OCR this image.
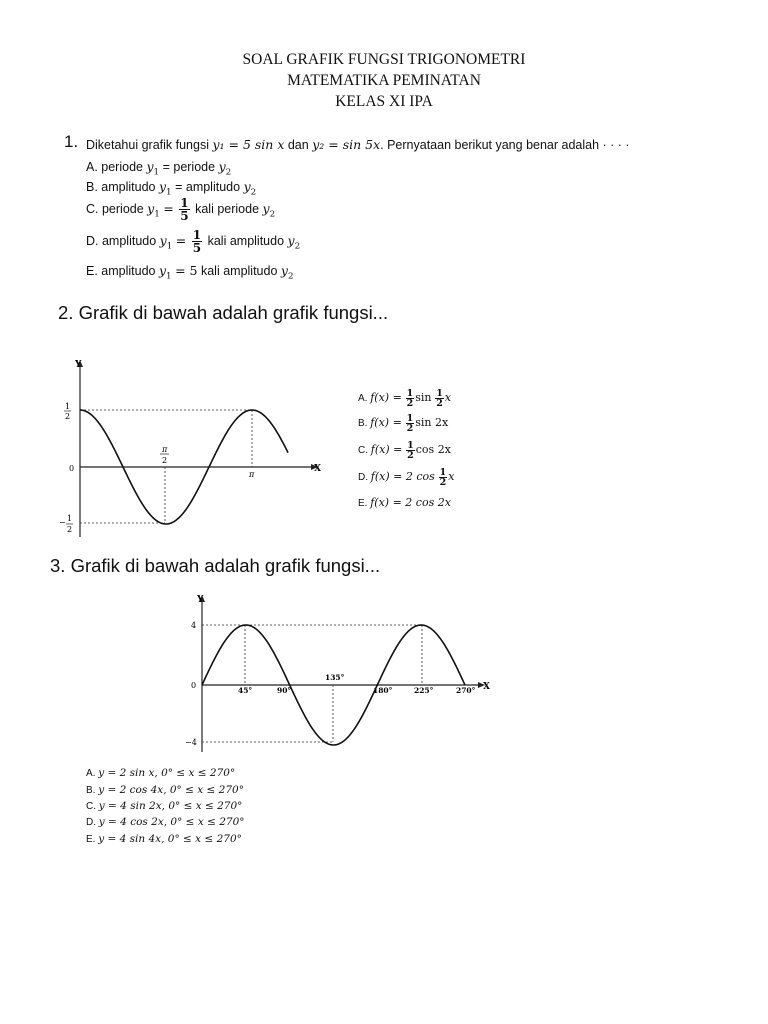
SOAL GRAFIK FUNGSI TRIGONOMETRI
MATEMATIKA PEMINATAN
KELAS XI IPA
1. Diketahui grafik fungsi y₁ = 5 sin x dan y₂ = sin 5x. Pernyataan berikut yang benar adalah · · · ·
A. periode $y_1$ = periode $y_2$
B. amplitudo $y_1$ = amplitudo $y_2$
C. periode $y_1 = \frac{1}{5}$ kali periode $y_2$
D. amplitudo $y_1 = \frac{1}{5}$ kali amplitudo $y_2$
E. amplitudo $y_1 = 5$ kali amplitudo $y_2$
2. Grafik di bawah adalah grafik fungsi...
Y
X
1
2
0
− 1
2
π
2
π
A. $f(x) = \frac{1}{2}$ $\sin \frac{1}{2}$ x
B. $f(x) = \frac{1}{2}$ sin 2x
C. $f(x) = \frac{1}{2}$ cos 2x
D. f(x) = 2 $\cos \frac{1}{2}$ x
E. f(x) = 2 cos 2x
3. Grafik di bawah adalah grafik fungsi...
Y
X
4
0
−4
45°	90°
135°
180°	225°	270°
A. y = 2 sin x, 0° ≤ x ≤ 270°
B. y = 2 cos 4x, 0° ≤ x ≤ 270°
C. y = 4 sin 2x, 0° ≤ x ≤ 270°
D. y = 4 cos 2x, 0° ≤ x ≤ 270°
E. y = 4 sin 4x, 0° ≤ x ≤ 270°
